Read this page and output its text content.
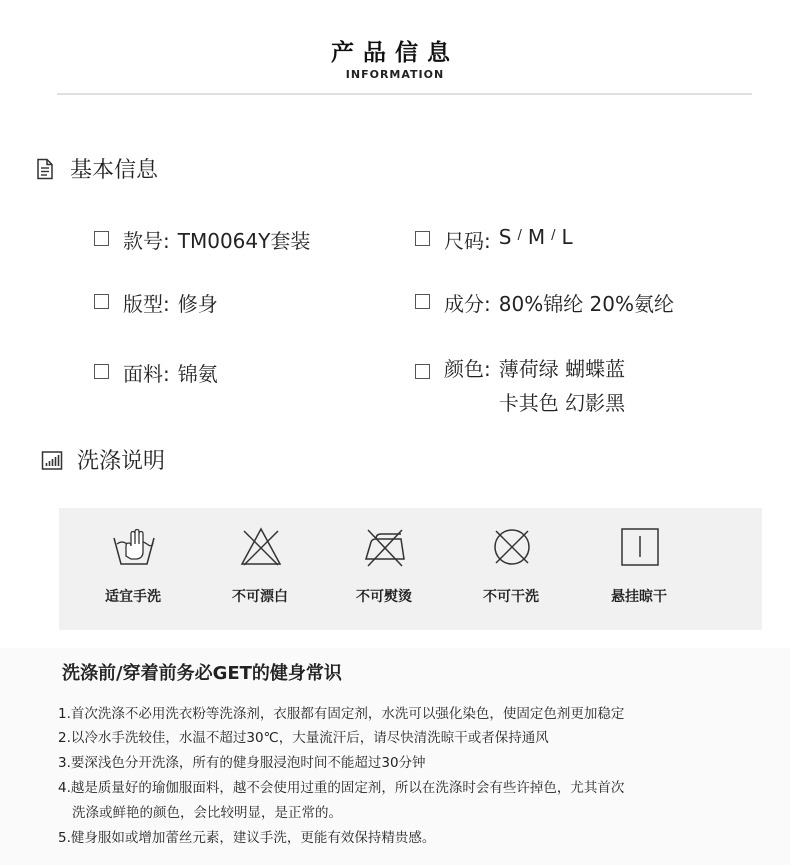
产品信息
INFORMATION
基本信息
款号: TM0064Y套装	尺码: S / M / L
版型: 修身	成分: 80%锦纶 20%氨纶
面料: 锦氨	颜色: 薄荷绿 蝴蝶蓝
卡其色 幻影黑
洗涤说明
适宜手洗	不可漂白	不可熨烫	不可干洗	悬挂晾干
洗涤前/穿着前务必GET的健身常识
1.首次洗涤不必用洗衣粉等洗涤剂，衣服都有固定剂，水洗可以强化染色，使固定色剂更加稳定
2.以冷水手洗较佳，水温不超过30℃，大量流汗后，请尽快清洗晾干或者保持通风
3.要深浅色分开洗涤，所有的健身服浸泡时间不能超过30分钟
4.越是质量好的瑜伽服面料，越不会使用过重的固定剂，所以在洗涤时会有些许掉色，尤其首次
洗涤或鲜艳的颜色，会比较明显，是正常的。
5.健身服如或增加蕾丝元素，建议手洗，更能有效保持精贵感。
